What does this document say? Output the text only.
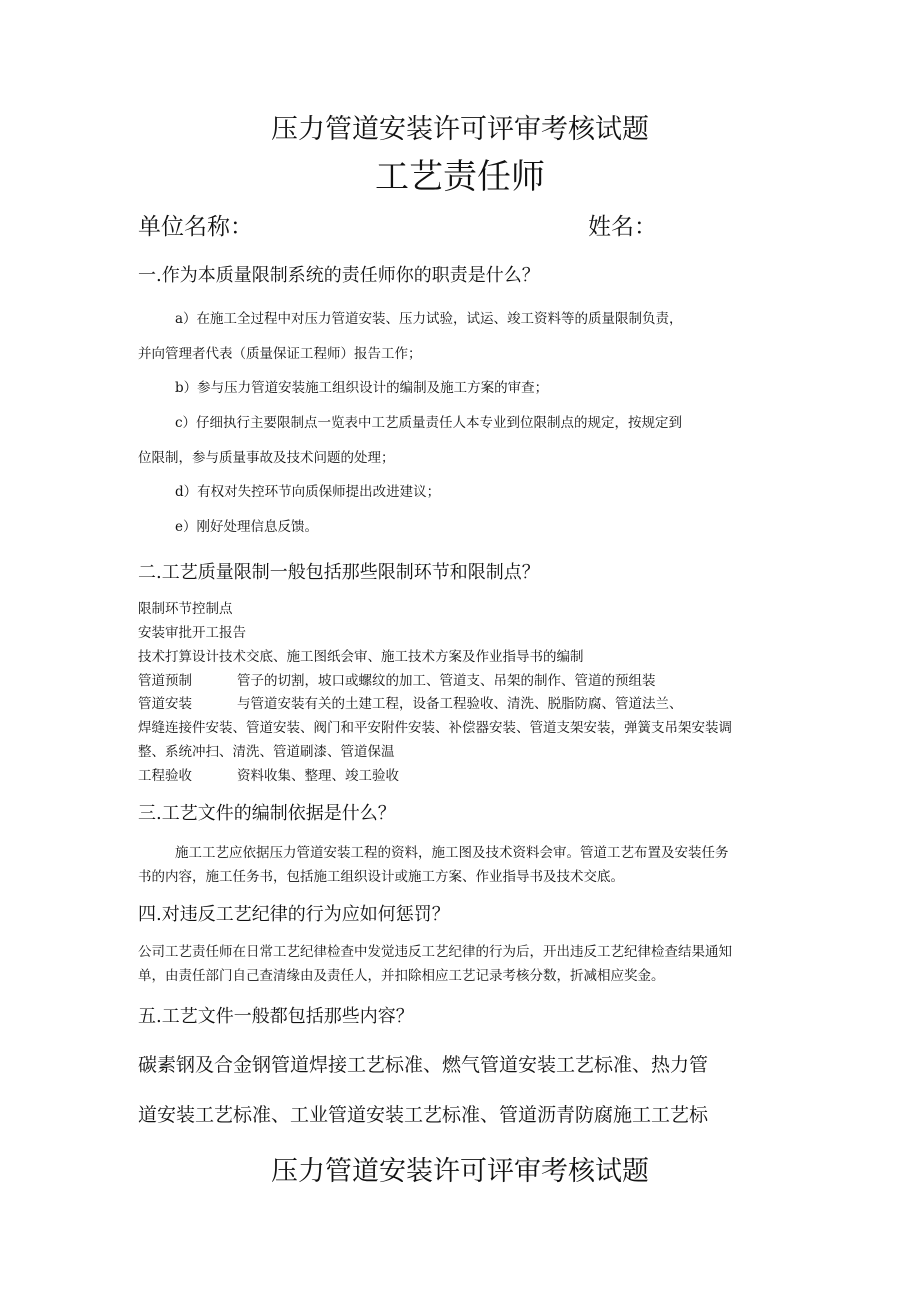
压力管道安装许可评审考核试题
工艺责任师
单位名称：	姓名：
一.作为本质量限制系统的责任师你的职责是什么？
a）在施工全过程中对压力管道安装、压力试验，试运、竣工资料等的质量限制负责，
并向管理者代表（质量保证工程师）报告工作；
b）参与压力管道安装施工组织设计的编制及施工方案的审查；
c）仔细执行主要限制点一览表中工艺质量责任人本专业到位限制点的规定，按规定到
位限制，参与质量事故及技术问题的处理；
d）有权对失控环节向质保师提出改进建议；
e）刚好处理信息反馈。
二.工艺质量限制一般包括那些限制环节和限制点？
限制环节控制点
安装审批开工报告
技术打算设计技术交底、施工图纸会审、施工技术方案及作业指导书的编制
管道预制	管子的切割，坡口或螺纹的加工、管道支、吊架的制作、管道的预组装
管道安装	与管道安装有关的土建工程，设备工程验收、清洗、脱脂防腐、管道法兰、
焊缝连接件安装、管道安装、阀门和平安附件安装、补偿器安装、管道支架安装，弹簧支吊架安装调
整、系统冲扫、清洗、管道刷漆、管道保温
工程验收	资料收集、整理、竣工验收
三.工艺文件的编制依据是什么？
施工工艺应依据压力管道安装工程的资料，施工图及技术资料会审。管道工艺布置及安装任务
书的内容，施工任务书，包括施工组织设计或施工方案、作业指导书及技术交底。
四.对违反工艺纪律的行为应如何惩罚？
公司工艺责任师在日常工艺纪律检查中发觉违反工艺纪律的行为后，开出违反工艺纪律检查结果通知
单，由责任部门自己查清缘由及责任人，并扣除相应工艺记录考核分数，折减相应奖金。
五.工艺文件一般都包括那些内容？
碳素钢及合金钢管道焊接工艺标准、燃气管道安装工艺标准、热力管
道安装工艺标准、工业管道安装工艺标准、管道沥青防腐施工工艺标
压力管道安装许可评审考核试题
